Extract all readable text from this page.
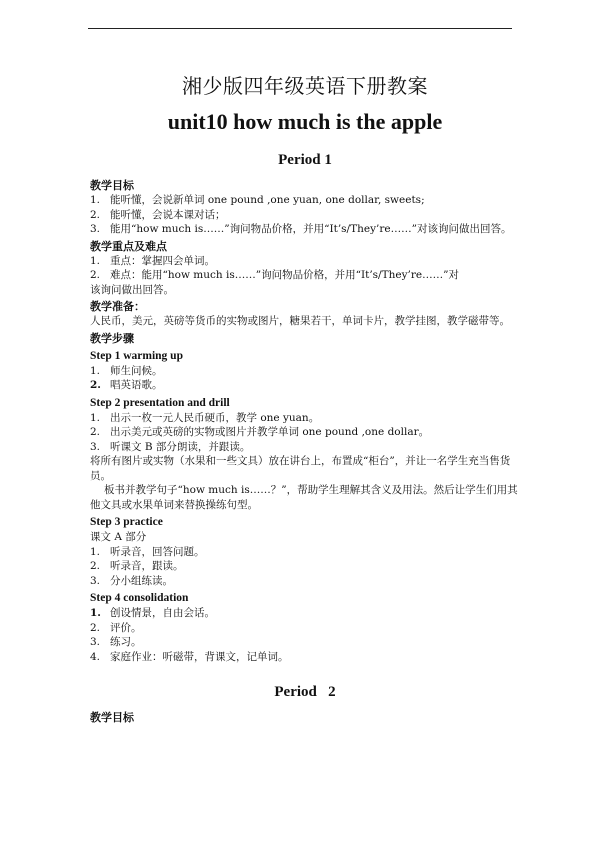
湘少版四年级英语下册教案
unit10 how much is the apple
Period 1
教学目标
1. 能听懂，会说新单词 one pound ,one yuan, one dollar, sweets;
2. 能听懂，会说本课对话；
3. 能用“how much is……”询问物品价格，并用“It’s/They’re……”对该询问做出回答。
教学重点及难点
1. 重点：掌握四会单词。
2. 难点：能用“how much is……”询问物品价格，并用“It’s/They’re……”对

该询问做出回答。

教学准备：

人民币，美元，英磅等货币的实物或图片，糖果若干，单词卡片，教学挂图，教学磁带等。

教学步骤
Step 1 warming up
1. 师生问候。
2. 唱英语歌。
Step 2 presentation and drill
1. 出示一枚一元人民币硬币，教学 one yuan。
2. 出示美元或英磅的实物或图片并教学单词 one pound ,one dollar。
3. 听课文 B 部分朗读，并跟读。

将所有图片或实物（水果和一些文具）放在讲台上，布置成“柜台”，并让一名学生充当售货员。

板书并教学句子“how much is……？”，帮助学生理解其含义及用法。然后让学生们用其他文具或水果单词来替换操练句型。

Step 3 practice

课文 A 部分

1. 听录音，回答问题。
2. 听录音，跟读。
3. 分小组练读。
Step 4 consolidation
1. 创设情景，自由会话。
2. 评价。
3. 练习。
4. 家庭作业：听磁带，背课文，记单词。
Period   2
教学目标
